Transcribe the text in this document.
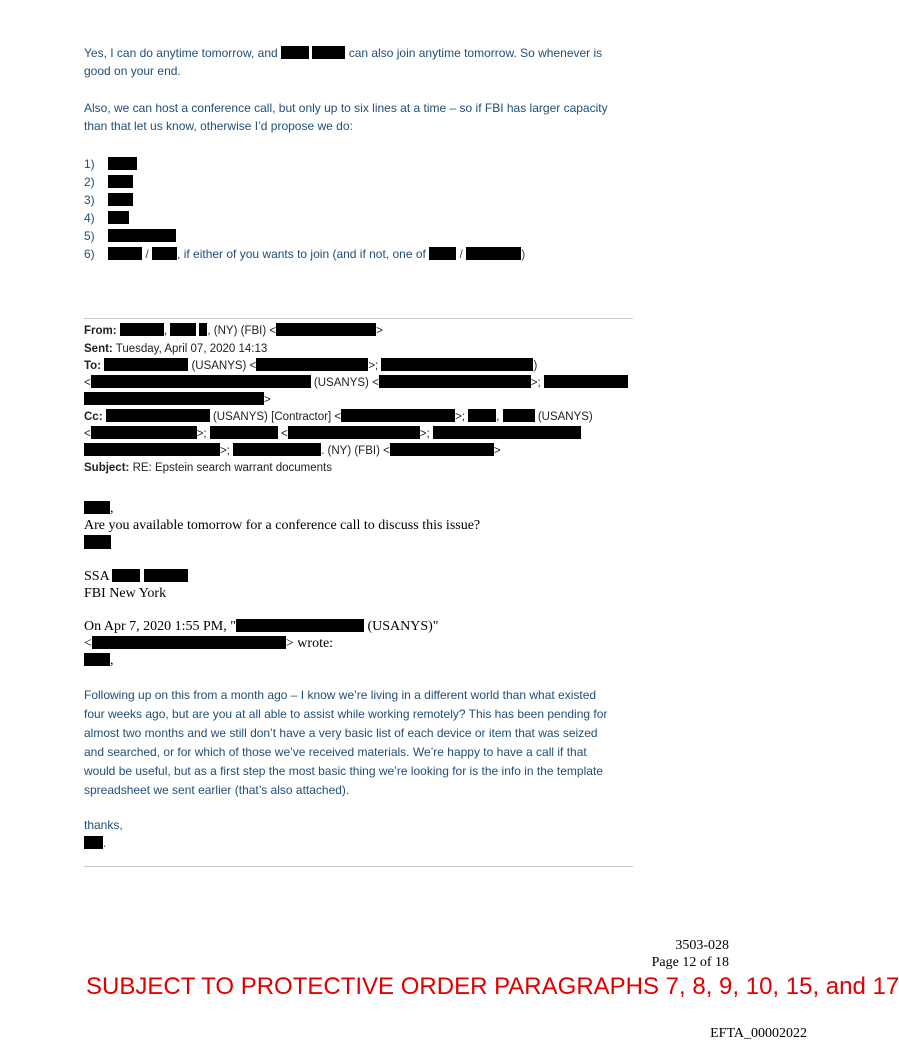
Yes, I can do anytime tomorrow, and	can also join anytime tomorrow. So whenever is
good on your end.
Also, we can host a conference call, but only up to six lines at a time – so if FBI has larger capacity
than that let us know, otherwise I’d propose we do:
1)
2)
3)
4)
5)
6)	/ , if either of you wants to join (and if not, one of	/	)
From:	,	, (NY) (FBI) <	>
Sent: Tuesday, April 07, 2020 14:13
To:	(USANYS) <	>;	)
<	(USANYS) <	>;
>
Cc:	(USANYS) [Contractor] <	>;	,	(USANYS)
<	>;	<	>;
>;	. (NY) (FBI) <	>
Subject: RE: Epstein search warrant documents
,
Are you available tomorrow for a conference call to discuss this issue?
SSA
FBI New York
On Apr 7, 2020 1:55 PM, "	(USANYS)"
<	> wrote:
,
Following up on this from a month ago – I know we’re living in a different world than what existed
four weeks ago, but are you at all able to assist while working remotely? This has been pending for
almost two months and we still don’t have a very basic list of each device or item that was seized
and searched, or for which of those we’ve received materials. We’re happy to have a call if that
would be useful, but as a first step the most basic thing we’re looking for is the info in the template
spreadsheet we sent earlier (that’s also attached).
thanks,
.
3503-028
Page 12 of 18
SUBJECT TO PROTECTIVE ORDER PARAGRAPHS 7, 8, 9, 10, 15, and 17
EFTA_00002022
